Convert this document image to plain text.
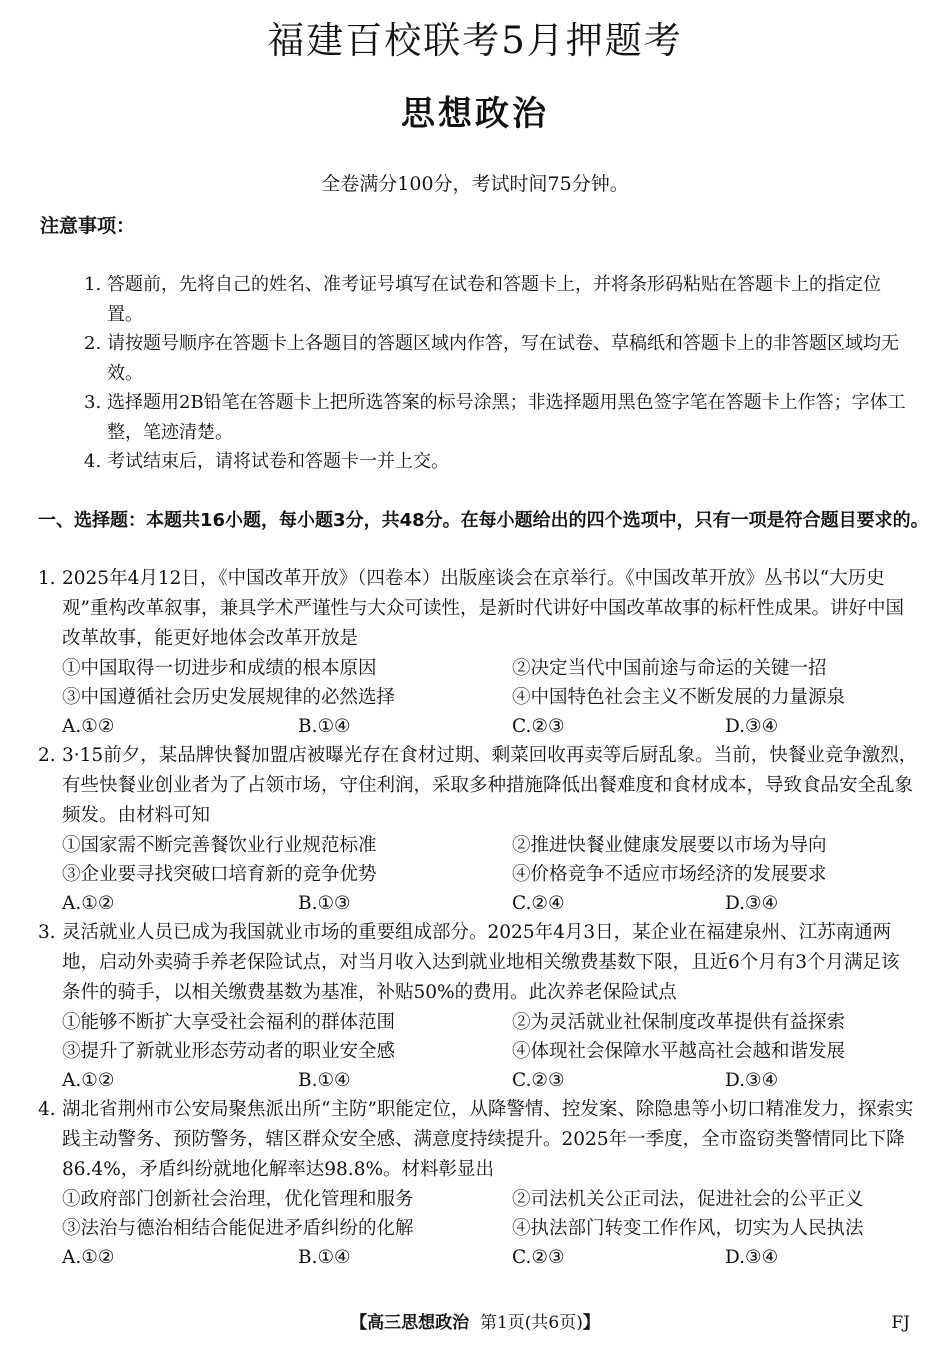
福建百校联考5月押题考
思想政治
全卷满分100分，考试时间75分钟。
注意事项：
1. 答题前，先将自己的姓名、准考证号填写在试卷和答题卡上，并将条形码粘贴在答题卡上的指定位置。
2. 请按题号顺序在答题卡上各题目的答题区域内作答，写在试卷、草稿纸和答题卡上的非答题区域均无效。
3. 选择题用2B铅笔在答题卡上把所选答案的标号涂黑；非选择题用黑色签字笔在答题卡上作答；字体工整，笔迹清楚。
4. 考试结束后，请将试卷和答题卡一并上交。
一、选择题：本题共16小题，每小题3分，共48分。在每小题给出的四个选项中，只有一项是符合题目要求的。
1. 2025年4月12日，《中国改革开放》（四卷本）出版座谈会在京举行。《中国改革开放》丛书以“大历史观”重构改革叙事，兼具学术严谨性与大众可读性，是新时代讲好中国改革故事的标杆性成果。讲好中国改革故事，能更好地体会改革开放是
①中国取得一切进步和成绩的根本原因	②决定当代中国前途与命运的关键一招
③中国遵循社会历史发展规律的必然选择	④中国特色社会主义不断发展的力量源泉
A.①②	B.①④	C.②③	D.③④
2. 3·15前夕，某品牌快餐加盟店被曝光存在食材过期、剩菜回收再卖等后厨乱象。当前，快餐业竞争激烈，有些快餐业创业者为了占领市场，守住利润，采取多种措施降低出餐难度和食材成本，导致食品安全乱象频发。由材料可知
①国家需不断完善餐饮业行业规范标准	②推进快餐业健康发展要以市场为导向
③企业要寻找突破口培育新的竞争优势	④价格竞争不适应市场经济的发展要求
A.①②	B.①③	C.②④	D.③④
3. 灵活就业人员已成为我国就业市场的重要组成部分。2025年4月3日，某企业在福建泉州、江苏南通两地，启动外卖骑手养老保险试点，对当月收入达到就业地相关缴费基数下限，且近6个月有3个月满足该条件的骑手，以相关缴费基数为基准，补贴50%的费用。此次养老保险试点
①能够不断扩大享受社会福利的群体范围	②为灵活就业社保制度改革提供有益探索
③提升了新就业形态劳动者的职业安全感	④体现社会保障水平越高社会越和谐发展
A.①②	B.①④	C.②③	D.③④
4. 湖北省荆州市公安局聚焦派出所“主防”职能定位，从降警情、控发案、除隐患等小切口精准发力，探索实践主动警务、预防警务，辖区群众安全感、满意度持续提升。2025年一季度，全市盗窃类警情同比下降86.4%，矛盾纠纷就地化解率达98.8%。材料彰显出
①政府部门创新社会治理，优化管理和服务	②司法机关公正司法，促进社会的公平正义
③法治与德治相结合能促进矛盾纠纷的化解	④执法部门转变工作作风，切实为人民执法
A.①②	B.①④	C.②③	D.③④
【高三思想政治 第1页(共6页)】	FJ
